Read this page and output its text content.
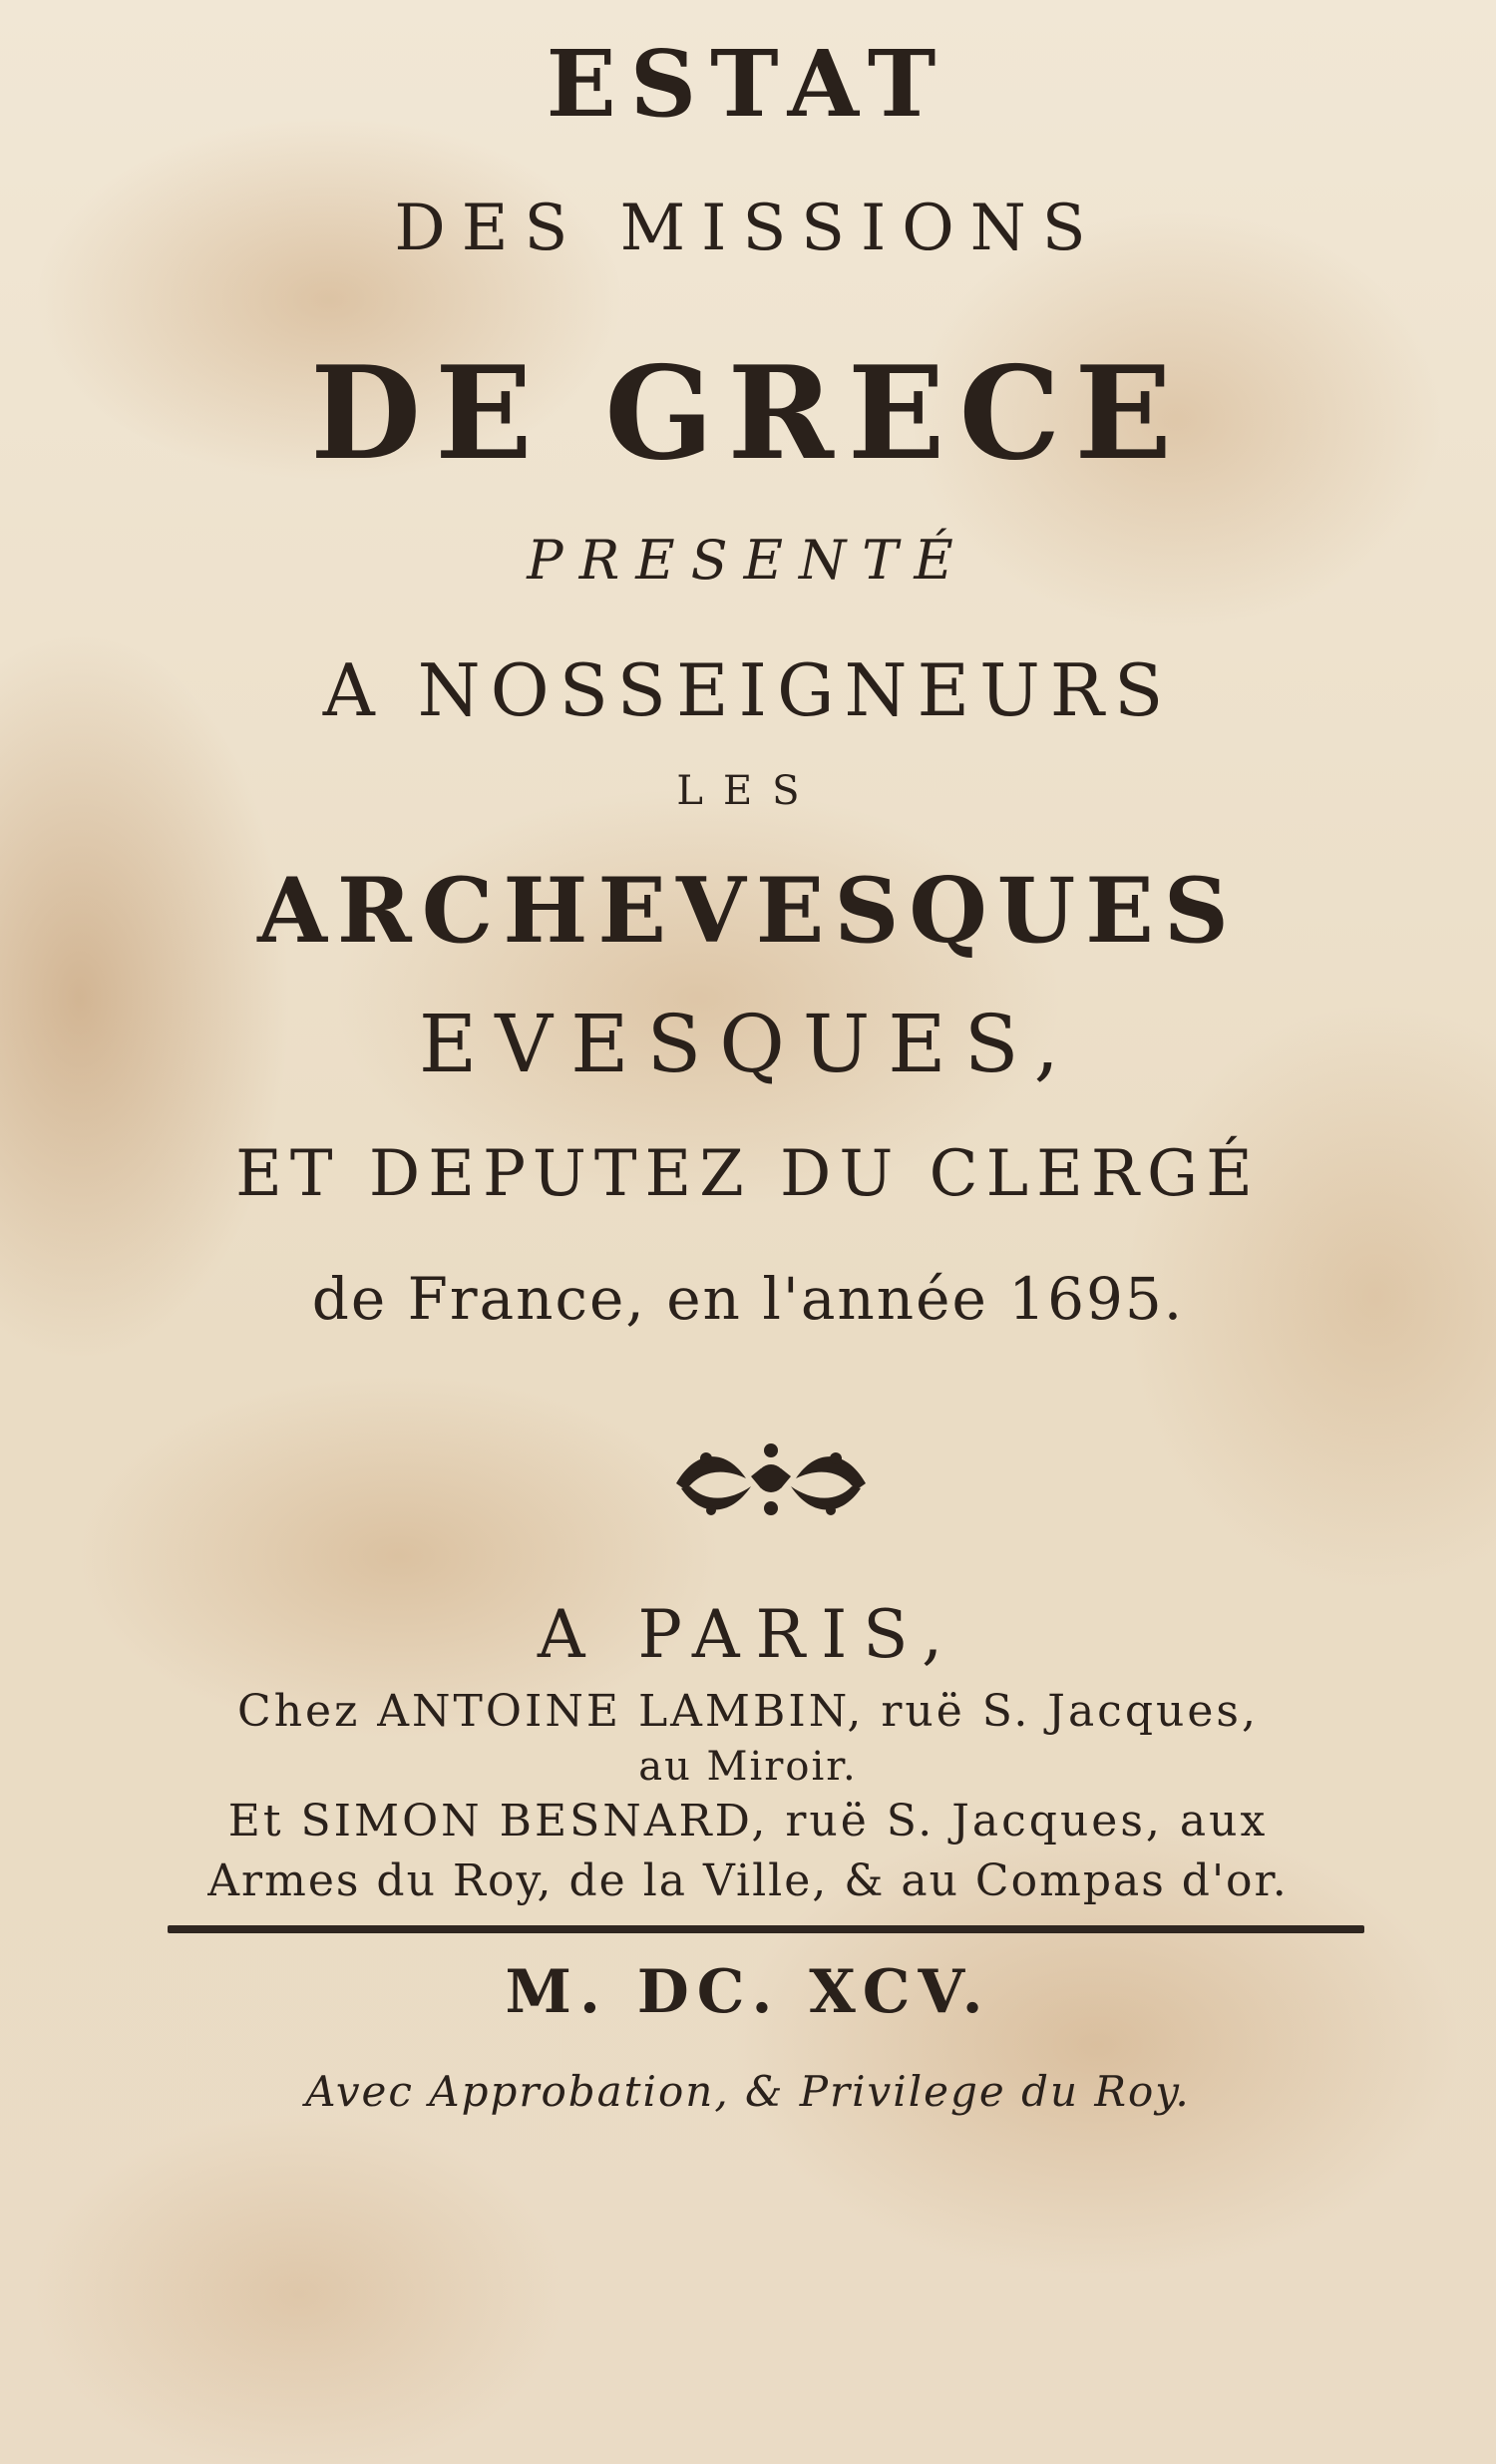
ESTAT
DES MISSIONS
DE GRECE
PRESENTÉ
A NOSSEIGNEURS
LES
ARCHEVESQUES
EVESQUES,
ET DEPUTEZ DU CLERGÉ
de France, en l'année 1695.
A PARIS,
Chez ANTOINE LAMBIN, ruë S. Jacques,
au Miroir.
Et SIMON BESNARD, ruë S. Jacques, aux
Armes du Roy, de la Ville, & au Compas d'or.
M. DC. XCV.
Avec Approbation, & Privilege du Roy.
